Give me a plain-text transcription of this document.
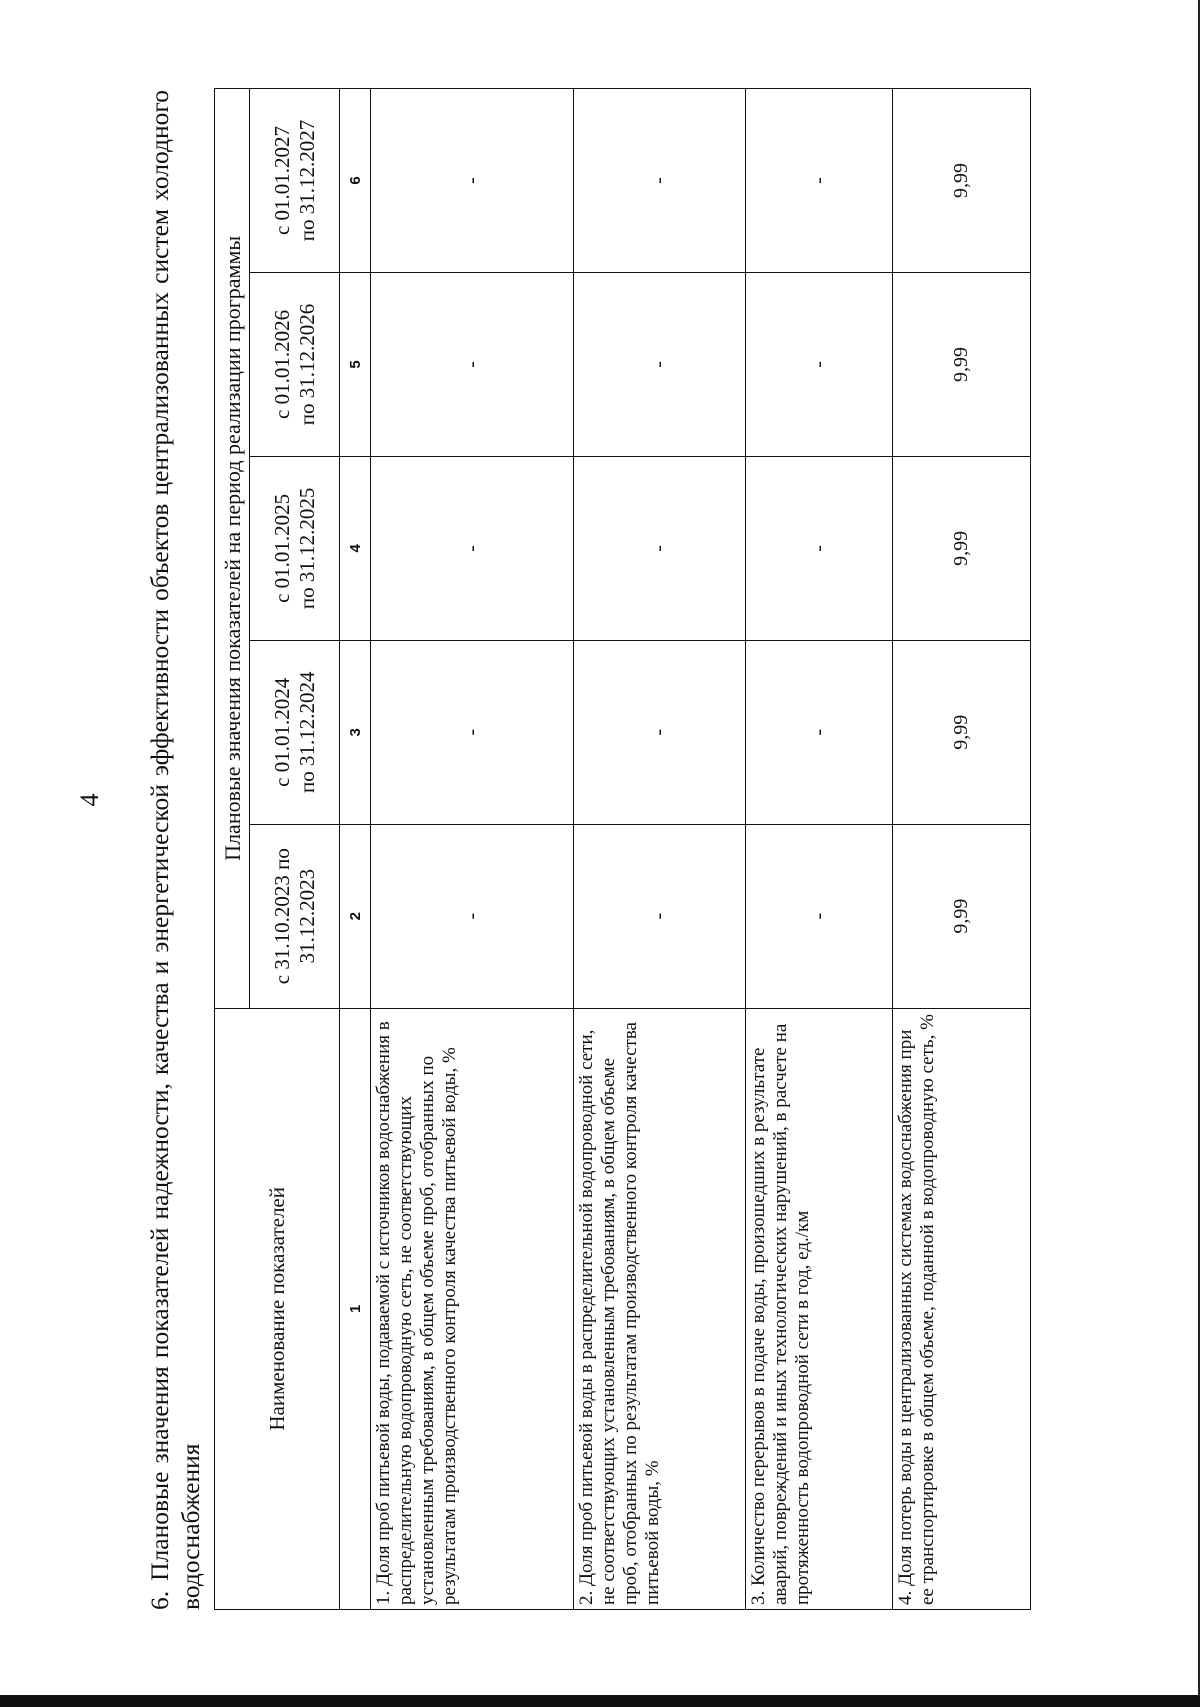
4

6.Плановые значения показателей надежности, качества и энергетической эффективности объектов централизованных систем холодного водоснабжения

Наименование показателей	Плановые значения показателей на период реализации программы				

	с 31.10.2023 по 31.12.2023	с 01.01.2024 по 31.12.2024	с 01.01.2025 по 31.12.2025	с 01.01.2026 по 31.12.2026	с 01.01.2027 по 31.12.2027

1	2	3	4	5	6
1. Доля проб питьевой воды, подаваемой с источников водоснабжения в распределительную водопроводную сеть, не соответствующих установленным требованиям, в общем объеме проб, отобранных по результатам производственного контроля качества питьевой воды, %	-	-	-	-	-
2. Доля проб питьевой воды в распределительной водопроводной сети, не соответствующих установленным требованиям, в общем объеме проб, отобранных по результатам производственного контроля качества питьевой воды, %	-	-	-	-	-
3. Количество перерывов в подаче воды, произошедших в результате аварий, повреждений и иных технологических нарушений, в расчете на протяженность водопроводной сети в год, ед./км	-	-	-	-	-
4. Доля потерь воды в централизованных системах водоснабжения при ее транспортировке в общем объеме, поданной в водопроводную сеть, %	9,99	9,99	9,99	9,99	9,99
